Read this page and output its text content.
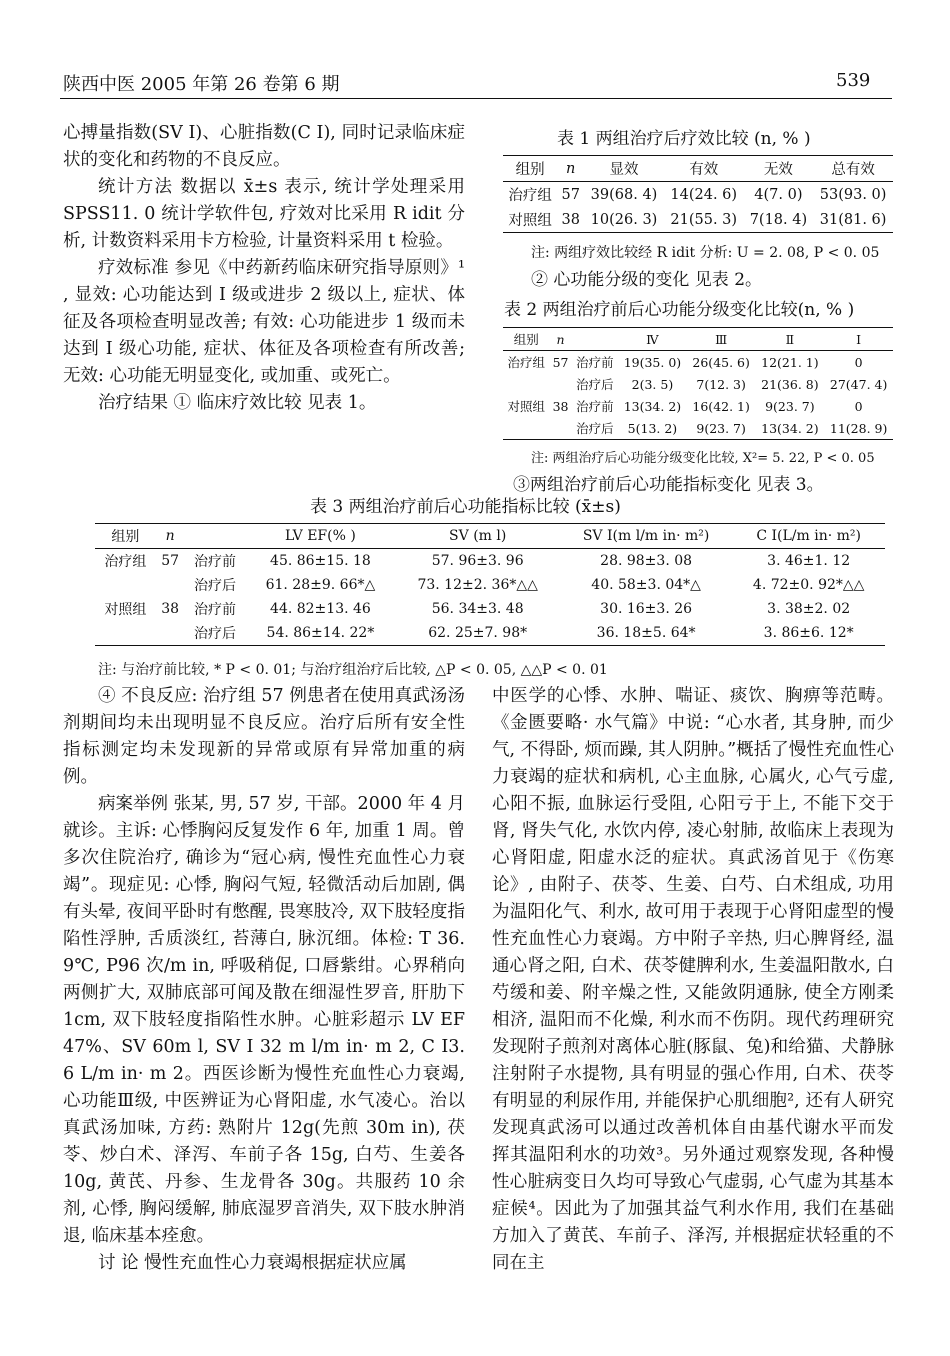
陕西中医 2005 年第 26 卷第 6 期	539

心搏量指数(SV I)、心脏指数(C I), 同时记录临床症状的变化和药物的不良反应。

统计方法 数据以 x̄±s 表示, 统计学处理采用 SPSS11. 0 统计学软件包, 疗效对比采用 R idit 分析, 计数资料采用卡方检验, 计量资料采用 t 检验。

疗效标准 参见《中药新药临床研究指导原则》¹ , 显效: 心功能达到 I 级或进步 2 级以上, 症状、体征及各项检查明显改善; 有效: 心功能进步 1 级而未达到 I 级心功能, 症状、体征及各项检查有所改善; 无效: 心功能无明显变化, 或加重、或死亡。

治疗结果 ① 临床疗效比较 见表 1。

表 1 两组治疗后疗效比较 (n, % )
组别	n	显效	有效	无效	总有效
治疗组	57	39(68. 4)	14(24. 6)	4(7. 0)	53(93. 0)
对照组	38	10(26. 3)	21(55. 3)	7(18. 4)	31(81. 6)
注: 两组疗效比较经 R idit 分析: U = 2. 08, P < 0. 05
② 心功能分级的变化 见表 2。
表 2 两组治疗前后心功能分级变化比较(n, % )
组别	n		Ⅳ	Ⅲ	Ⅱ	Ⅰ
治疗组	57	治疗前	19(35. 0)	26(45. 6)	12(21. 1)	0
		治疗后	2(3. 5)	7(12. 3)	21(36. 8)	27(47. 4)
对照组	38	治疗前	13(34. 2)	16(42. 1)	9(23. 7)	0
		治疗后	5(13. 2)	9(23. 7)	13(34. 2)	11(28. 9)
注: 两组治疗后心功能分级变化比较, X²= 5. 22, P < 0. 05
③两组治疗前后心功能指标变化 见表 3。
表 3 两组治疗前后心功能指标比较 (x̄±s)
组别	n		LV EF(% )	SV (m l)	SV I(m l/m in· m²)	C I(L/m in· m²)
治疗组	57	治疗前	45. 86±15. 18	57. 96±3. 96	28. 98±3. 08	3. 46±1. 12
		治疗后	61. 28±9. 66*△	73. 12±2. 36*△△	40. 58±3. 04*△	4. 72±0. 92*△△
对照组	38	治疗前	44. 82±13. 46	56. 34±3. 48	30. 16±3. 26	3. 38±2. 02
		治疗后	54. 86±14. 22*	62. 25±7. 98*	36. 18±5. 64*	3. 86±6. 12*
注: 与治疗前比较, * P < 0. 01; 与治疗组治疗后比较, △P < 0. 05, △△P < 0. 01

④ 不良反应: 治疗组 57 例患者在使用真武汤汤剂期间均未出现明显不良反应。治疗后所有安全性指标测定均未发现新的异常或原有异常加重的病例。

病案举例 张某, 男, 57 岁, 干部。2000 年 4 月就诊。主诉: 心悸胸闷反复发作 6 年, 加重 1 周。曾多次住院治疗, 确诊为“冠心病, 慢性充血性心力衰竭”。现症见: 心悸, 胸闷气短, 轻微活动后加剧, 偶有头晕, 夜间平卧时有憋醒, 畏寒肢冷, 双下肢轻度指陷性浮肿, 舌质淡红, 苔薄白, 脉沉细。体检: T 36. 9℃, P96 次/m in, 呼吸稍促, 口唇紫绀。心界稍向两侧扩大, 双肺底部可闻及散在细湿性罗音, 肝肋下 1cm, 双下肢轻度指陷性水肿。心脏彩超示 LV EF 47%、SV 60m l, SV I 32 m l/m in· m 2, C I3. 6 L/m in· m 2。西医诊断为慢性充血性心力衰竭, 心功能Ⅲ级, 中医辨证为心肾阳虚, 水气凌心。治以真武汤加味, 方药: 熟附片 12g(先煎 30m in), 茯苓、炒白术、泽泻、车前子各 15g, 白芍、生姜各 10g, 黄芪、丹参、生龙骨各 30g。共服药 10 余剂, 心悸, 胸闷缓解, 肺底湿罗音消失, 双下肢水肿消退, 临床基本痊愈。

讨 论 慢性充血性心力衰竭根据症状应属

中医学的心悸、水肿、喘证、痰饮、胸痹等范畴。《金匮要略· 水气篇》中说: “心水者, 其身肿, 而少气, 不得卧, 烦而躁, 其人阴肿。”概括了慢性充血性心力衰竭的症状和病机, 心主血脉, 心属火, 心气亏虚, 心阳不振, 血脉运行受阻, 心阳亏于上, 不能下交于肾, 肾失气化, 水饮内停, 凌心射肺, 故临床上表现为心肾阳虚, 阳虚水泛的症状。真武汤首见于《伤寒论》, 由附子、茯苓、生姜、白芍、白术组成, 功用为温阳化气、利水, 故可用于表现于心肾阳虚型的慢性充血性心力衰竭。方中附子辛热, 归心脾肾经, 温通心肾之阳, 白术、茯苓健脾利水, 生姜温阳散水, 白芍缓和姜、附辛燥之性, 又能敛阴通脉, 使全方刚柔相济, 温阳而不化燥, 利水而不伤阴。现代药理研究发现附子煎剂对离体心脏(豚鼠、兔)和给猫、犬静脉注射附子水提物, 具有明显的强心作用, 白术、茯苓有明显的利尿作用, 并能保护心肌细胞², 还有人研究发现真武汤可以通过改善机体自由基代谢水平而发挥其温阳利水的功效³。另外通过观察发现, 各种慢性心脏病变日久均可导致心气虚弱, 心气虚为其基本症候⁴。因此为了加强其益气利水作用, 我们在基础方加入了黄芪、车前子、泽泻, 并根据症状轻重的不同在主
